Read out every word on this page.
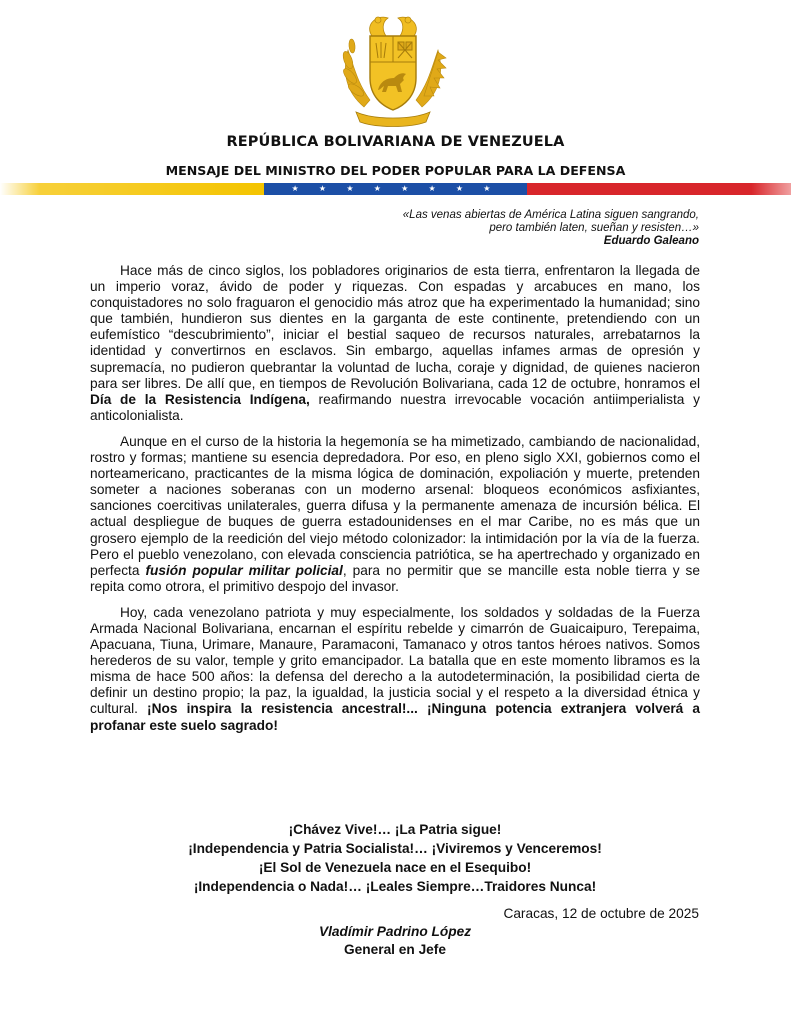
REPÚBLICA BOLIVARIANA DE VENEZUELA
MENSAJE DEL MINISTRO DEL PODER POPULAR PARA LA DEFENSA
★ ★ ★ ★ ★ ★ ★ ★
«Las venas abiertas de América Latina siguen sangrando,
pero también laten, sueñan y resisten…»
Eduardo Galeano

Hace más de cinco siglos, los pobladores originarios de esta tierra, enfrentaron la llegada de un imperio voraz, ávido de poder y riquezas. Con espadas y arcabuces en mano, los conquistadores no solo fraguaron el genocidio más atroz que ha experimentado la humanidad; sino que también, hundieron sus dientes en la garganta de este continente, pretendiendo con un eufemístico “descubrimiento”, iniciar el bestial saqueo de recursos naturales, arrebatarnos la identidad y convertirnos en esclavos. Sin embargo, aquellas infames armas de opresión y supremacía, no pudieron quebrantar la voluntad de lucha, coraje y dignidad, de quienes nacieron para ser libres. De allí que, en tiempos de Revolución Bolivariana, cada 12 de octubre, honramos el Día de la Resistencia Indígena, reafirmando nuestra irrevocable vocación antiimperialista y anticolonialista.

Aunque en el curso de la historia la hegemonía se ha mimetizado, cambiando de nacionalidad, rostro y formas; mantiene su esencia depredadora. Por eso, en pleno siglo XXI, gobiernos como el norteamericano, practicantes de la misma lógica de dominación, expoliación y muerte, pretenden someter a naciones soberanas con un moderno arsenal: bloqueos económicos asfixiantes, sanciones coercitivas unilaterales, guerra difusa y la permanente amenaza de incursión bélica. El actual despliegue de buques de guerra estadounidenses en el mar Caribe, no es más que un grosero ejemplo de la reedición del viejo método colonizador: la intimidación por la vía de la fuerza. Pero el pueblo venezolano, con elevada consciencia patriótica, se ha apertrechado y organizado en perfecta fusión popular militar policial, para no permitir que se mancille esta noble tierra y se repita como otrora, el primitivo despojo del invasor.

Hoy, cada venezolano patriota y muy especialmente, los soldados y soldadas de la Fuerza Armada Nacional Bolivariana, encarnan el espíritu rebelde y cimarrón de Guaicaipuro, Terepaima, Apacuana, Tiuna, Urimare, Manaure, Paramaconi, Tamanaco y otros tantos héroes nativos. Somos herederos de su valor, temple y grito emancipador. La batalla que en este momento libramos es la misma de hace 500 años: la defensa del derecho a la autodeterminación, la posibilidad cierta de definir un destino propio; la paz, la igualdad, la justicia social y el respeto a la diversidad étnica y cultural. ¡Nos inspira la resistencia ancestral!... ¡Ninguna potencia extranjera volverá a profanar este suelo sagrado!

¡Chávez Vive!… ¡La Patria sigue!
¡Independencia y Patria Socialista!… ¡Viviremos y Venceremos!
¡El Sol de Venezuela nace en el Esequibo!
¡Independencia o Nada!… ¡Leales Siempre…Traidores Nunca!
Caracas, 12 de octubre de 2025
Vladímir Padrino López
General en Jefe
